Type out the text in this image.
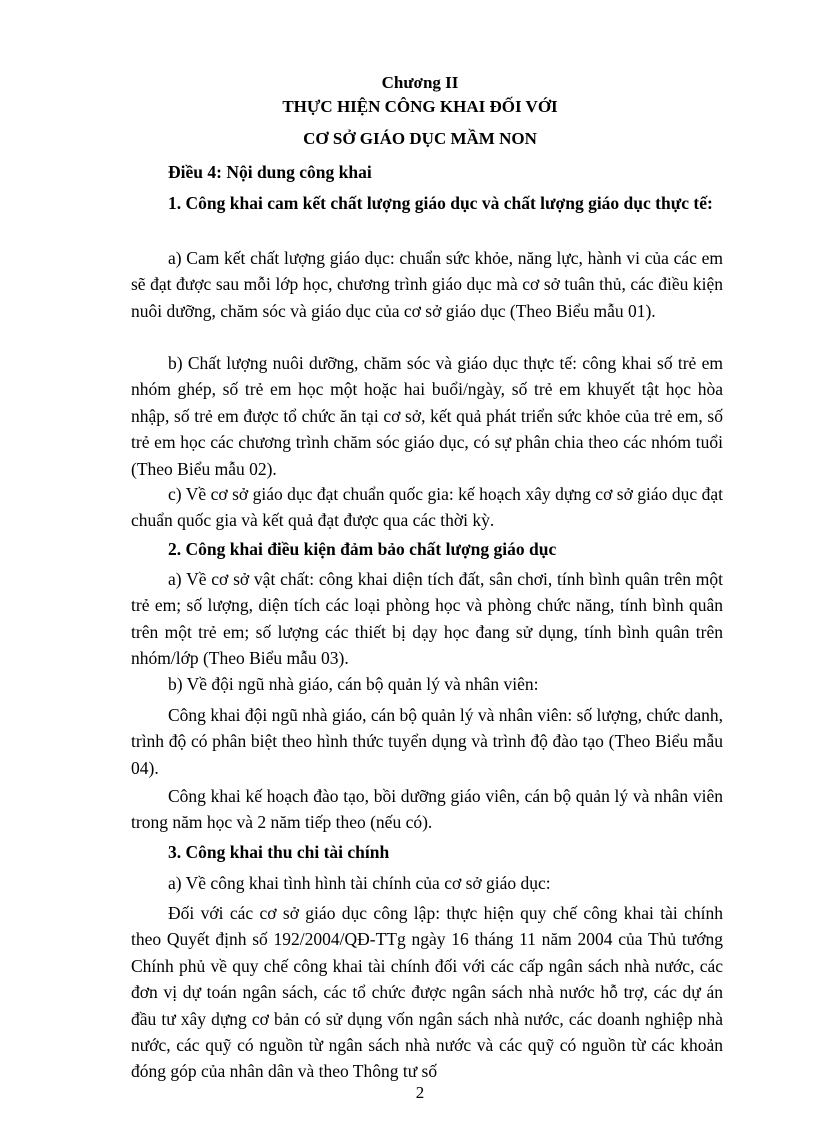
Chương II
THỰC HIỆN CÔNG KHAI ĐỐI VỚI
CƠ SỞ GIÁO DỤC MẦM NON

Điều 4: Nội dung công khai

1. Công khai cam kết chất lượng giáo dục và chất lượng giáo dục thực tế:

a) Cam kết chất lượng giáo dục: chuẩn sức khỏe, năng lực, hành vi của các em sẽ đạt được sau mỗi lớp học, chương trình giáo dục mà cơ sở tuân thủ, các điều kiện nuôi dưỡng, chăm sóc và giáo dục của cơ sở giáo dục (Theo Biểu mẫu 01).

b) Chất lượng nuôi dưỡng, chăm sóc và giáo dục thực tế: công khai số trẻ em nhóm ghép, số trẻ em học một hoặc hai buổi/ngày, số trẻ em khuyết tật học hòa nhập, số trẻ em được tổ chức ăn tại cơ sở, kết quả phát triển sức khỏe của trẻ em, số trẻ em học các chương trình chăm sóc giáo dục, có sự phân chia theo các nhóm tuổi (Theo Biểu mẫu 02).

c) Về cơ sở giáo dục đạt chuẩn quốc gia: kế hoạch xây dựng cơ sở giáo dục đạt chuẩn quốc gia và kết quả đạt được qua các thời kỳ.

2. Công khai điều kiện đảm bảo chất lượng giáo dục

a) Về cơ sở vật chất: công khai diện tích đất, sân chơi, tính bình quân trên một trẻ em; số lượng, diện tích các loại phòng học và phòng chức năng, tính bình quân trên một trẻ em; số lượng các thiết bị dạy học đang sử dụng, tính bình quân trên nhóm/lớp (Theo Biểu mẫu 03).

b) Về đội ngũ nhà giáo, cán bộ quản lý và nhân viên:

Công khai đội ngũ nhà giáo, cán bộ quản lý và nhân viên: số lượng, chức danh, trình độ có phân biệt theo hình thức tuyển dụng và trình độ đào tạo (Theo Biểu mẫu 04).

Công khai kế hoạch đào tạo, bồi dưỡng giáo viên, cán bộ quản lý và nhân viên trong năm học và 2 năm tiếp theo (nếu có).

3. Công khai thu chi tài chính

a) Về công khai tình hình tài chính của cơ sở giáo dục:

Đối với các cơ sở giáo dục công lập: thực hiện quy chế công khai tài chính theo Quyết định số 192/2004/QĐ-TTg ngày 16 tháng 11 năm 2004 của Thủ tướng Chính phủ về quy chế công khai tài chính đối với các cấp ngân sách nhà nước, các đơn vị dự toán ngân sách, các tổ chức được ngân sách nhà nước hỗ trợ, các dự án đầu tư xây dựng cơ bản có sử dụng vốn ngân sách nhà nước, các doanh nghiệp nhà nước, các quỹ có nguồn từ ngân sách nhà nước và các quỹ có nguồn từ các khoản đóng góp của nhân dân và theo Thông tư số

2
